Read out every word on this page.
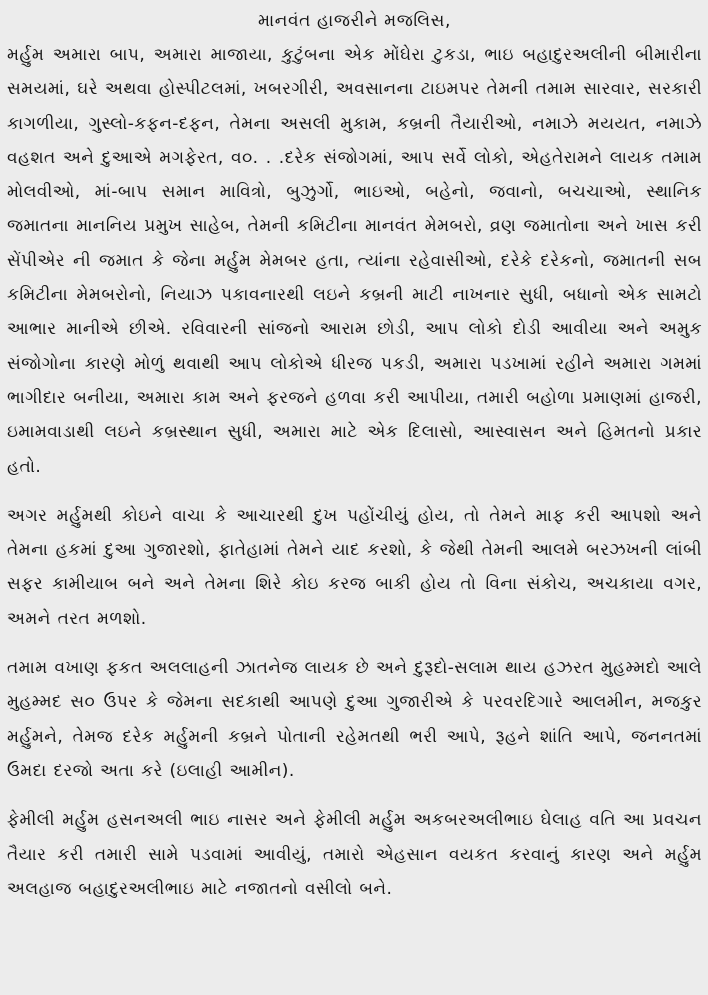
માનવંત હાજરીને મજલિસ,

મર્હુમ અમારા બાપ, અમારા માજાયા, કુટુંબના એક મોંઘેરા ટુકડા, ભાઇ બહાદુરઅલીની બીમારીના સમયમાં, ઘરે અથવા હોસ્પીટલમાં, ખબરગીરી, અવસાનના ટાઇમપર તેમની તમામ સારવાર, સરકારી કાગળીયા, ગુસ્લો-કફન-દફન, તેમના અસલી મુકામ, કબ્રની તૈયારીઓ, નમાઝે મયયત, નમાઝે વહશત અને દુઆએ મગફેરત, વ૦. . .દરેક સંજોગમાં, આપ સર્વે લોકો, એહતેરામને લાયક તમામ મોલવીઓ, માં-બાપ સમાન માવિત્રો, બુઝુર્ગો, ભાઇઓ, બહેનો, જવાનો, બચચાઓ, સ્થાનિક જમાતના માનનિય પ્રમુખ સાહેબ, તેમની કમિટીના માનવંત મેમબરો, વ્રણ જમાતોના અને ખાસ કરી સેંપીએર ની જમાત કે જેના મર્હુમ મેમબર હતા, ત્યાંના રહેવાસીઓ, દરેકે દરેકનો, જમાતની સબ કમિટીના મેમબરોનો, નિયાઝ પકાવનારથી લઇને કબ્રની માટી નાખનાર સુધી, બધાનો એક સામટો આભાર માનીએ છીએ. રવિવારની સાંજનો આરામ છોડી, આપ લોકો દોડી આવીયા અને અમુક સંજોગોના કારણે મોળું થવાથી આપ લોકોએ ધીરજ પકડી, અમારા પડખામાં રહીને અમારા ગમમાં ભાગીદાર બનીયા, અમારા કામ અને ફરજને હળવા કરી આપીયા, તમારી બહોળા પ્રમાણમાં હાજરી, ઇમામવાડાથી લઇને કબ્રસ્થાન સુધી, અમારા માટે એક દિલાસો, આસ્વાસન અને હિમતનો પ્રકાર હતો.

અગર મર્હુમથી કોઇને વાચા કે આચારથી દુખ પહોંચીયું હોય, તો તેમને માફ કરી આપશો અને તેમના હકમાં દુઆ ગુજારશો, ફાતેહામાં તેમને યાદ કરશો, કે જેથી તેમની આલમે બરઝખની લાંબી સફર કામીયાબ બને અને તેમના શિરે કોઇ કરજ બાકી હોય તો વિના સંકોચ, અચકાયા વગર, અમને તરત મળશો.

તમામ વખાણ ફકત અલલાહની ઝાતનેજ લાયક છે અને દુરૂદો-સલામ થાય હઝરત મુહમ્મદો આલે મુહમ્મદ સ૦ ઉપર કે જેમના સદકાથી આપણે દુઆ ગુજારીએ કે પરવરદિગારે આલમીન, મજકુર મર્હુમને, તેમજ દરેક મર્હુમની કબ્રને પોતાની રહેમતથી ભરી આપે, રૂહને શાંતિ આપે, જનનતમાં ઉમદા દરજો અતા કરે (ઇલાહી આમીન).

ફેમીલી મર્હુમ હસનઅલી ભાઇ નાસર અને ફેમીલી મર્હુમ અકબરઅલીભાઇ ઘેલાહ વતિ આ પ્રવચન તૈયાર કરી તમારી સામે પડવામાં આવીયું, તમારો એહસાન વયકત કરવાનું કારણ અને મર્હુમ અલહાજ બહાદુરઅલીભાઇ માટે નજાતનો વસીલો બને.
